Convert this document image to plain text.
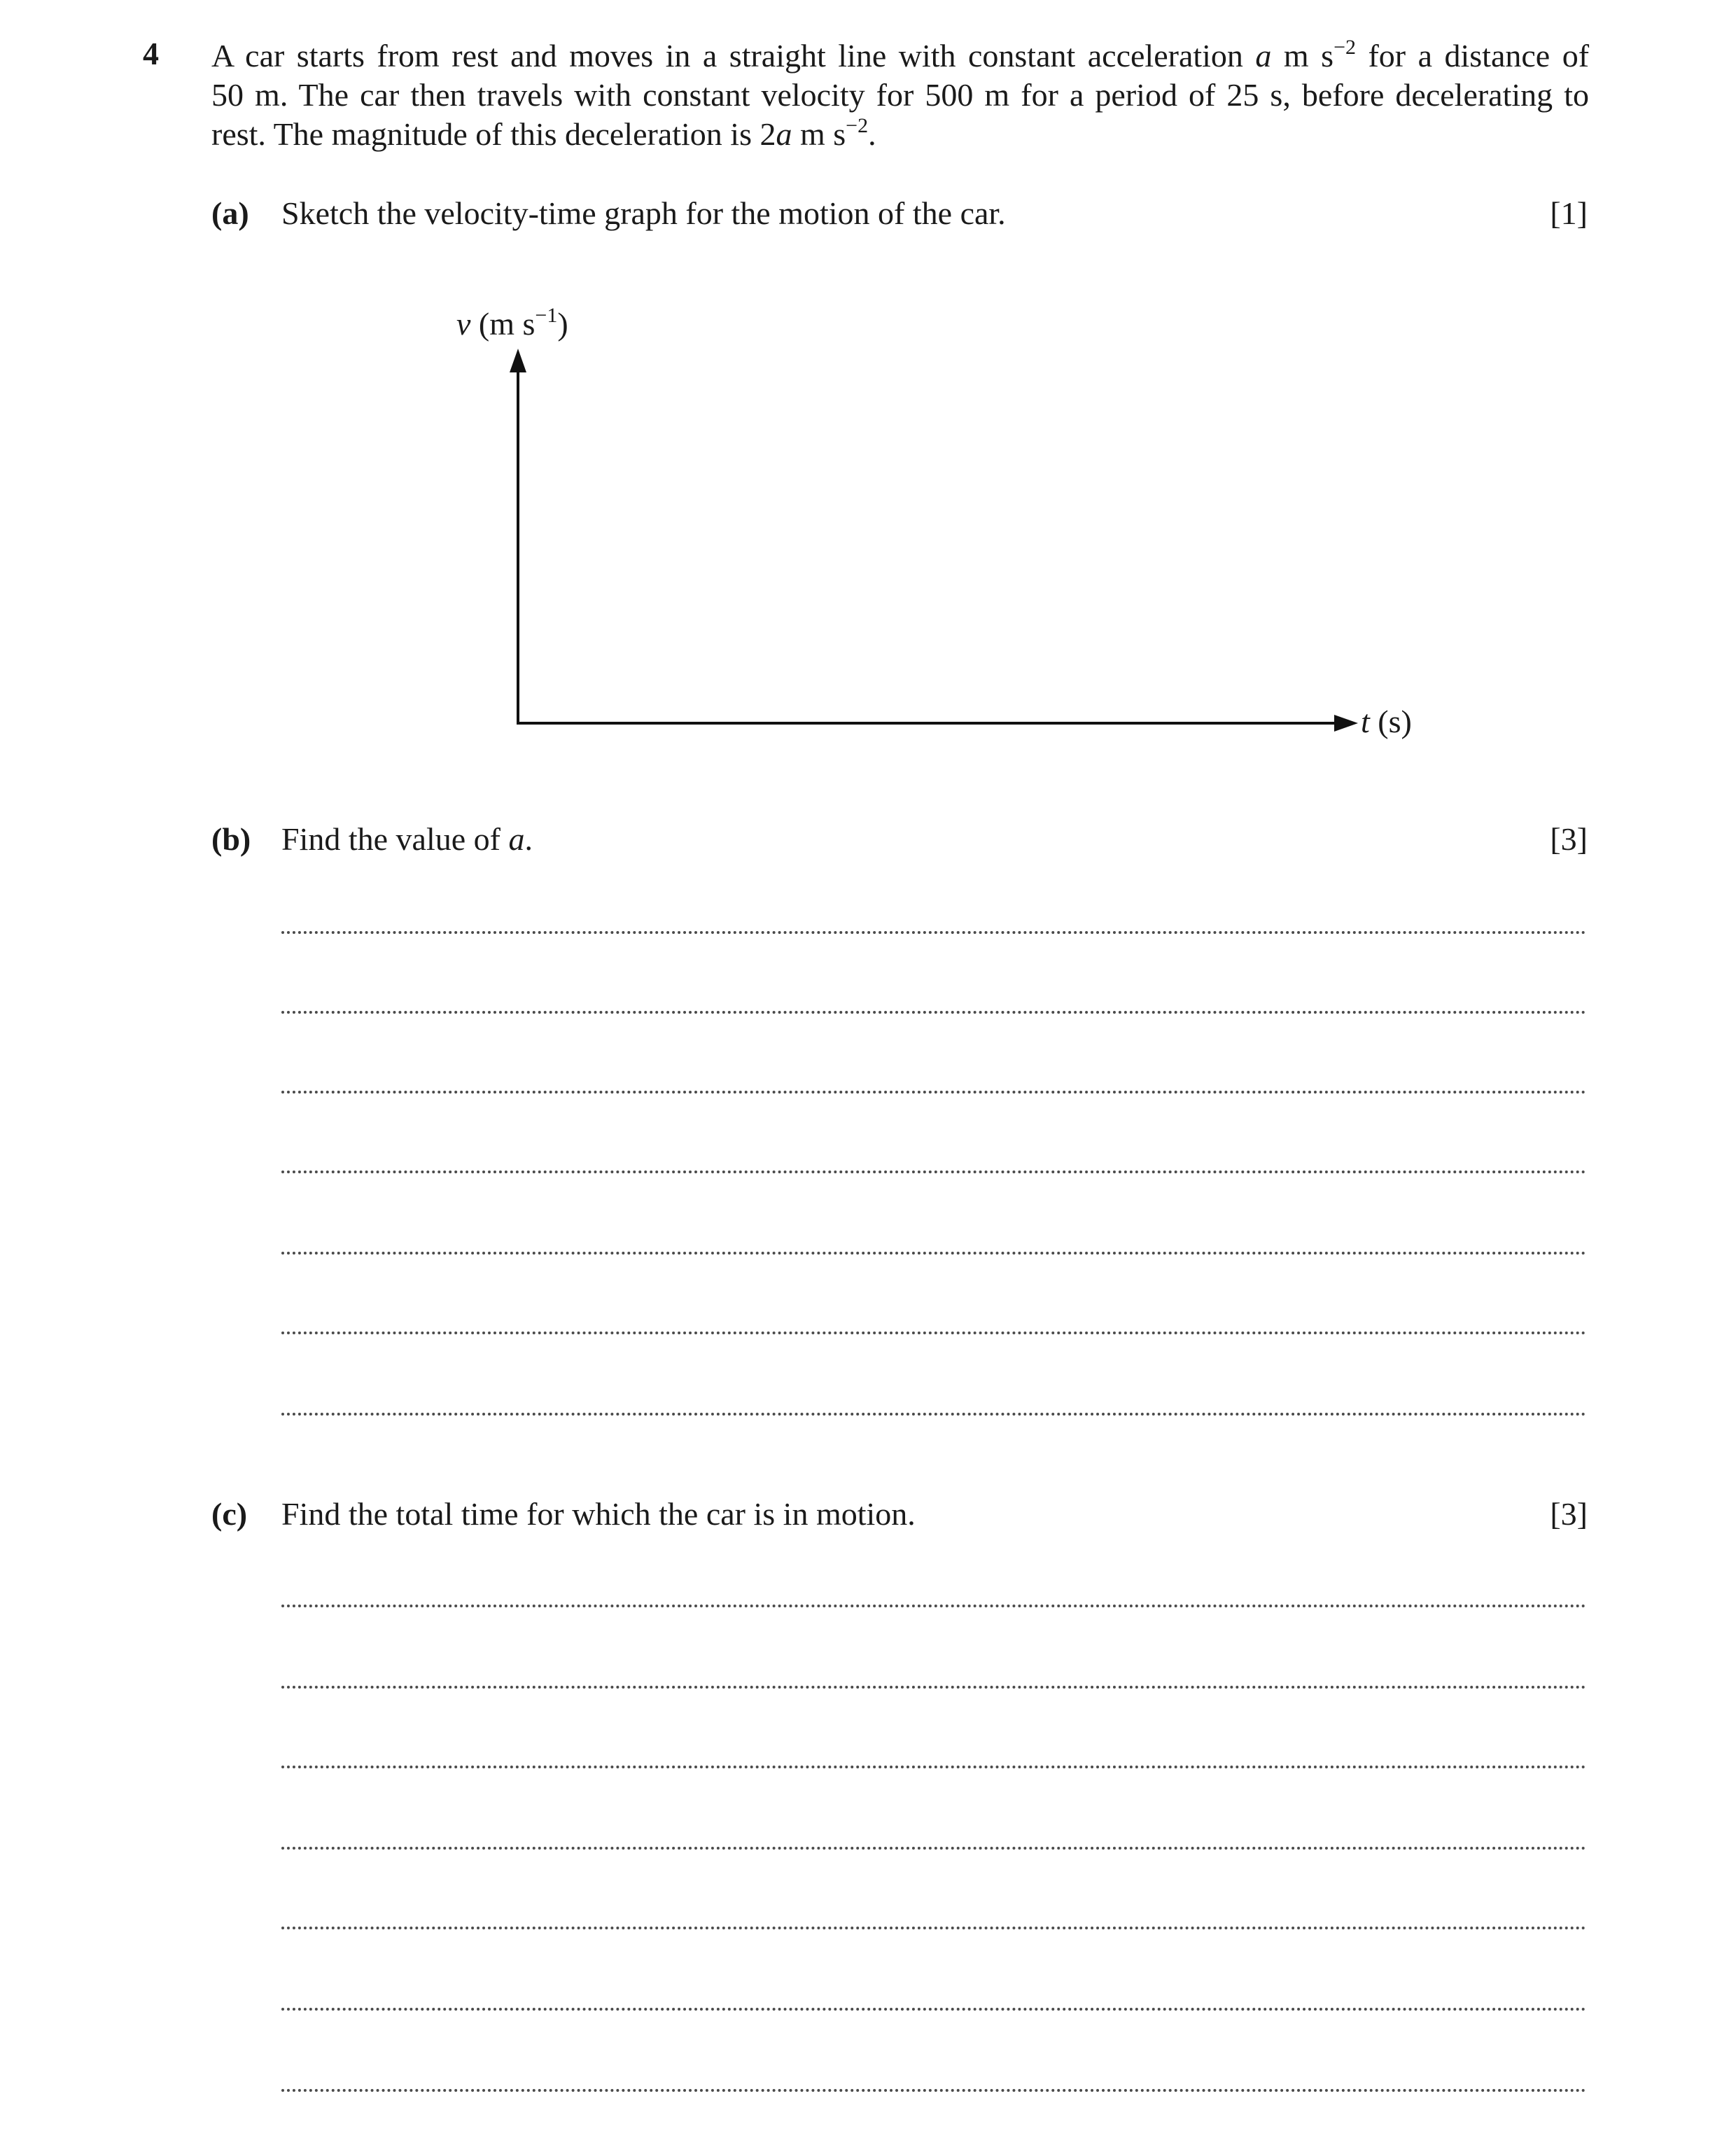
4 A car starts from rest and moves in a straight line with constant acceleration a m $s^{-2}$ for a distance of
50 m. The car then travels with constant velocity for 500 m for a period of 25 s, before decelerating to
rest. The magnitude of this deceleration is 2a m $s^{-2}$.
(a) Sketch the velocity-time graph for the motion of the car.	[1]
v (m $s^{-1}$)
t (s)
(b) Find the value of a.	[3]
(c) Find the total time for which the car is in motion.	[3]
